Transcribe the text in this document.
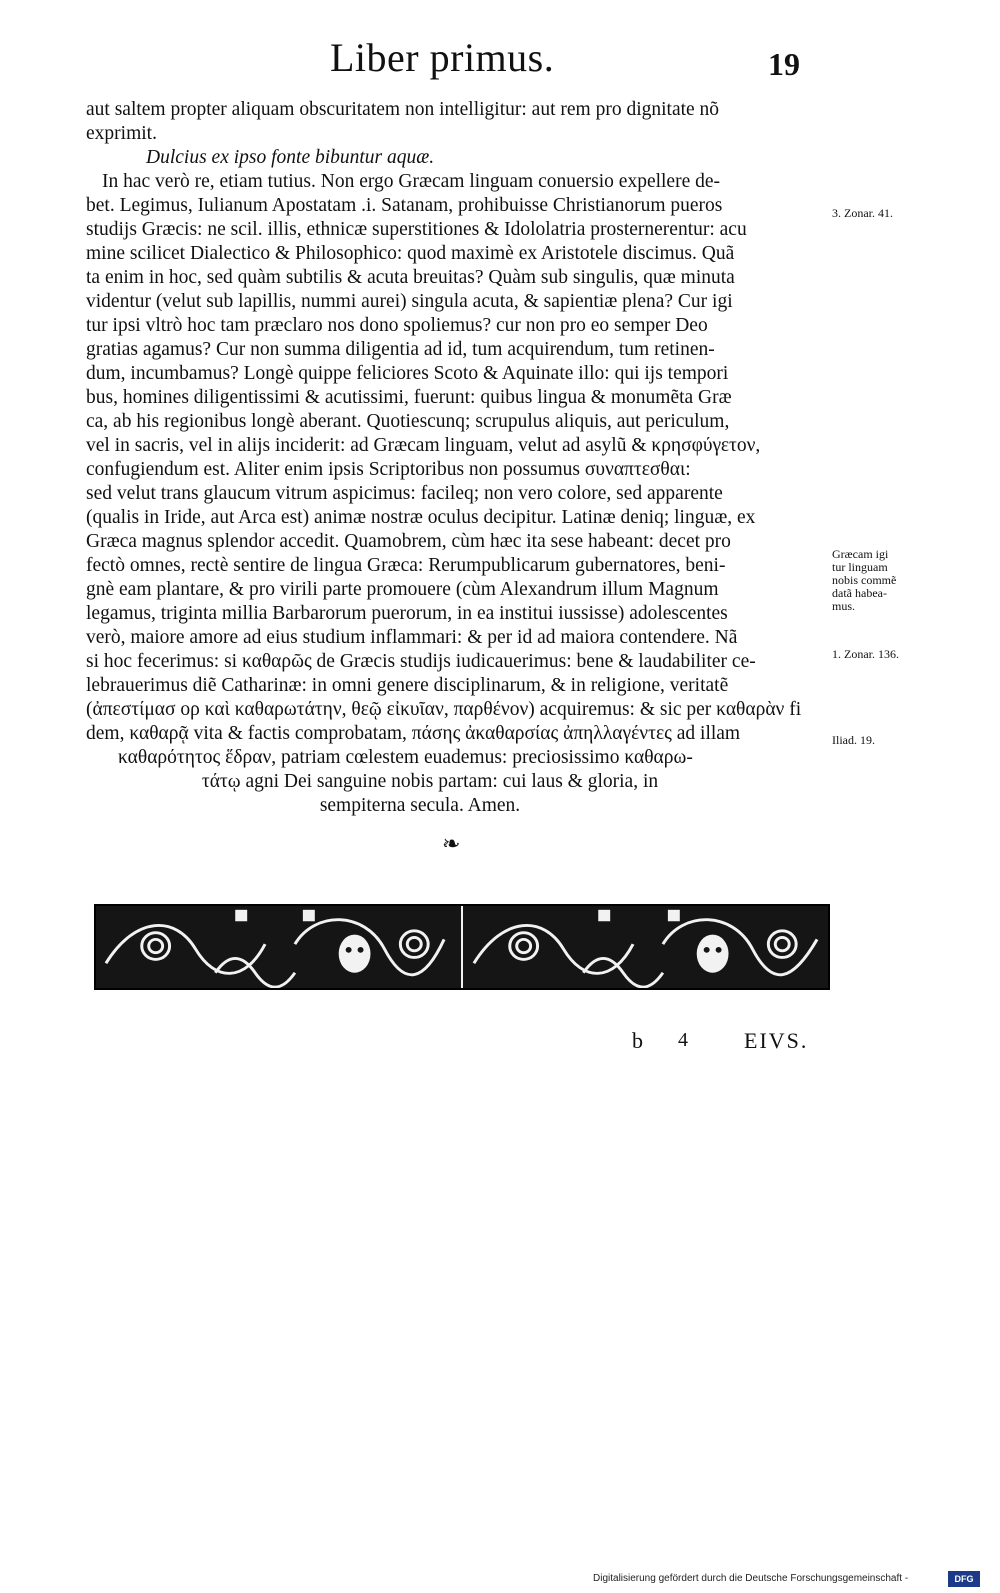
Liber primus.	19
aut saltem propter aliquam obscuritatem non intelligitur: aut rem pro dignitate nõ
exprimit.
Dulcius ex ipso fonte bibuntur aquæ.
In hac verò re, etiam tutius. Non ergo Græcam linguam conuersio expellere de-
bet. Legimus, Iulianum Apostatam .i. Satanam, prohibuisse Christianorum pueros
studijs Græcis: ne scil. illis, ethnicæ superstitiones & Idololatria prosternerentur: acu
mine scilicet Dialectico & Philosophico: quod maximè ex Aristotele discimus. Quã
ta enim in hoc, sed quàm subtilis & acuta breuitas? Quàm sub singulis, quæ minuta
videntur (velut sub lapillis, nummi aurei) singula acuta, & sapientiæ plena? Cur igi
tur ipsi vltrò hoc tam præclaro nos dono spoliemus? cur non pro eo semper Deo
gratias agamus? Cur non summa diligentia ad id, tum acquirendum, tum retinen-
dum, incumbamus? Longè quippe feliciores Scoto & Aquinate illo: qui ijs tempori
bus, homines diligentissimi & acutissimi, fuerunt: quibus lingua & monumẽta Græ
ca, ab his regionibus longè aberant. Quotiescunq; scrupulus aliquis, aut periculum,
vel in sacris, vel in alijs inciderit: ad Græcam linguam, velut ad asylũ & κρησφύγετον,
confugiendum est. Aliter enim ipsis Scriptoribus non possumus συναπτεσθαι:
sed velut trans glaucum vitrum aspicimus: facileq; non vero colore, sed apparente
(qualis in Iride, aut Arca est) animæ nostræ oculus decipitur. Latinæ deniq; linguæ, ex
Græca magnus splendor accedit. Quamobrem, cùm hæc ita sese habeant: decet pro
fectò omnes, rectè sentire de lingua Græca: Rerumpublicarum gubernatores, beni-
gnè eam plantare, & pro virili parte promouere (cùm Alexandrum illum Magnum
legamus, triginta millia Barbarorum puerorum, in ea institui iussisse) adolescentes
verò, maiore amore ad eius studium inflammari: & per id ad maiora contendere. Nã
si hoc fecerimus: si καθαρῶς de Græcis studijs iudicauerimus: bene & laudabiliter ce-
lebrauerimus diẽ Catharinæ: in omni genere disciplinarum, & in religione, veritatẽ
(ἀπεστίμασ ορ καὶ καθαρωτάτην, θεῷ εἰκυῖαν, παρθένον) acquiremus: & sic per καθαρὰν fi
dem, καθαρᾷ vita & factis comprobatam, πάσης ἀκαθαρσίας ἀπηλλαγέντες ad illam
καθαρότητος ἕδραν, patriam cœlestem euademus: preciosissimo καθαρω-
τάτῳ agni Dei sanguine nobis partam: cui laus & gloria, in
sempiterna secula. Amen.
❧
3. Zonar. 41.
Græcam igi
tur linguam
nobis commẽ
datã habea-
mus.
1. Zonar. 136.
Iliad. 19.
b 4	EIVS.
Digitalisierung gefördert durch die Deutsche Forschungsgemeinschaft -	DFG
